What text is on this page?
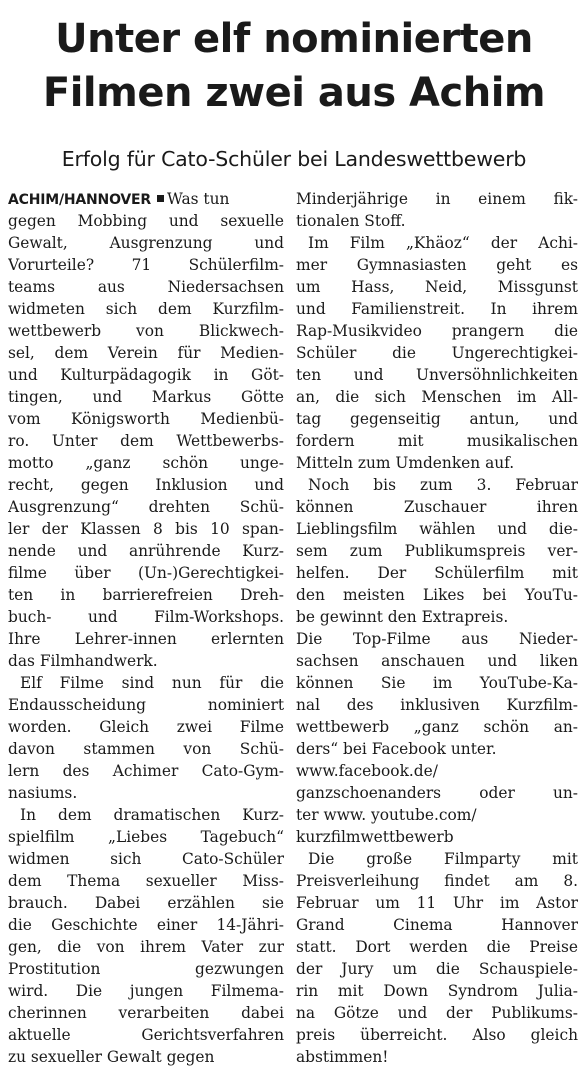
Unter elf nominierten
Filmen zwei aus Achim
Erfolg für Cato-Schüler bei Landeswettbewerb
ACHIM/HANNOVER Was tun
gegen Mobbing und sexuelle
Gewalt, Ausgrenzung und
Vorurteile? 71 Schülerfilm-
teams aus Niedersachsen
widmeten sich dem Kurzfilm-
wettbewerb von Blickwech-
sel, dem Verein für Medien-
und Kulturpädagogik in Göt-
tingen, und Markus Götte
vom Königsworth Medienbü-
ro. Unter dem Wettbewerbs-
motto „ganz schön unge-
recht, gegen Inklusion und
Ausgrenzung“ drehten Schü-
ler der Klassen 8 bis 10 span-
nende und anrührende Kurz-
filme über (Un-)Gerechtigkei-
ten in barrierefreien Dreh-
buch- und Film-Workshops.
Ihre Lehrer-innen erlernten
das Filmhandwerk.
Elf Filme sind nun für die
Endausscheidung nominiert
worden. Gleich zwei Filme
davon stammen von Schü-
lern des Achimer Cato-Gym-
nasiums.
In dem dramatischen Kurz-
spielfilm „Liebes Tagebuch“
widmen sich Cato-Schüler
dem Thema sexueller Miss-
brauch. Dabei erzählen sie
die Geschichte einer 14-Jähri-
gen, die von ihrem Vater zur
Prostitution gezwungen
wird. Die jungen Filmema-
cherinnen verarbeiten dabei
aktuelle Gerichtsverfahren
zu sexueller Gewalt gegen
Minderjährige in einem fik-
tionalen Stoff.
Im Film „Khäoz“ der Achi-
mer Gymnasiasten geht es
um Hass, Neid, Missgunst
und Familienstreit. In ihrem
Rap-Musikvideo prangern die
Schüler die Ungerechtigkei-
ten und Unversöhnlichkeiten
an, die sich Menschen im All-
tag gegenseitig antun, und
fordern mit musikalischen
Mitteln zum Umdenken auf.
Noch bis zum 3. Februar
können Zuschauer ihren
Lieblingsfilm wählen und die-
sem zum Publikumspreis ver-
helfen. Der Schülerfilm mit
den meisten Likes bei YouTu-
be gewinnt den Extrapreis.
Die Top-Filme aus Nieder-
sachsen anschauen und liken
können Sie im YouTube-Ka-
nal des inklusiven Kurzfilm-
wettbewerb „ganz schön an-
ders“ bei Facebook unter.
www.facebook.de/
ganzschoenanders oder un-
ter www. youtube.com/
kurzfilmwettbewerb
Die große Filmparty mit
Preisverleihung findet am 8.
Februar um 11 Uhr im Astor
Grand Cinema Hannover
statt. Dort werden die Preise
der Jury um die Schauspiele-
rin mit Down Syndrom Julia-
na Götze und der Publikums-
preis überreicht. Also gleich
abstimmen!
